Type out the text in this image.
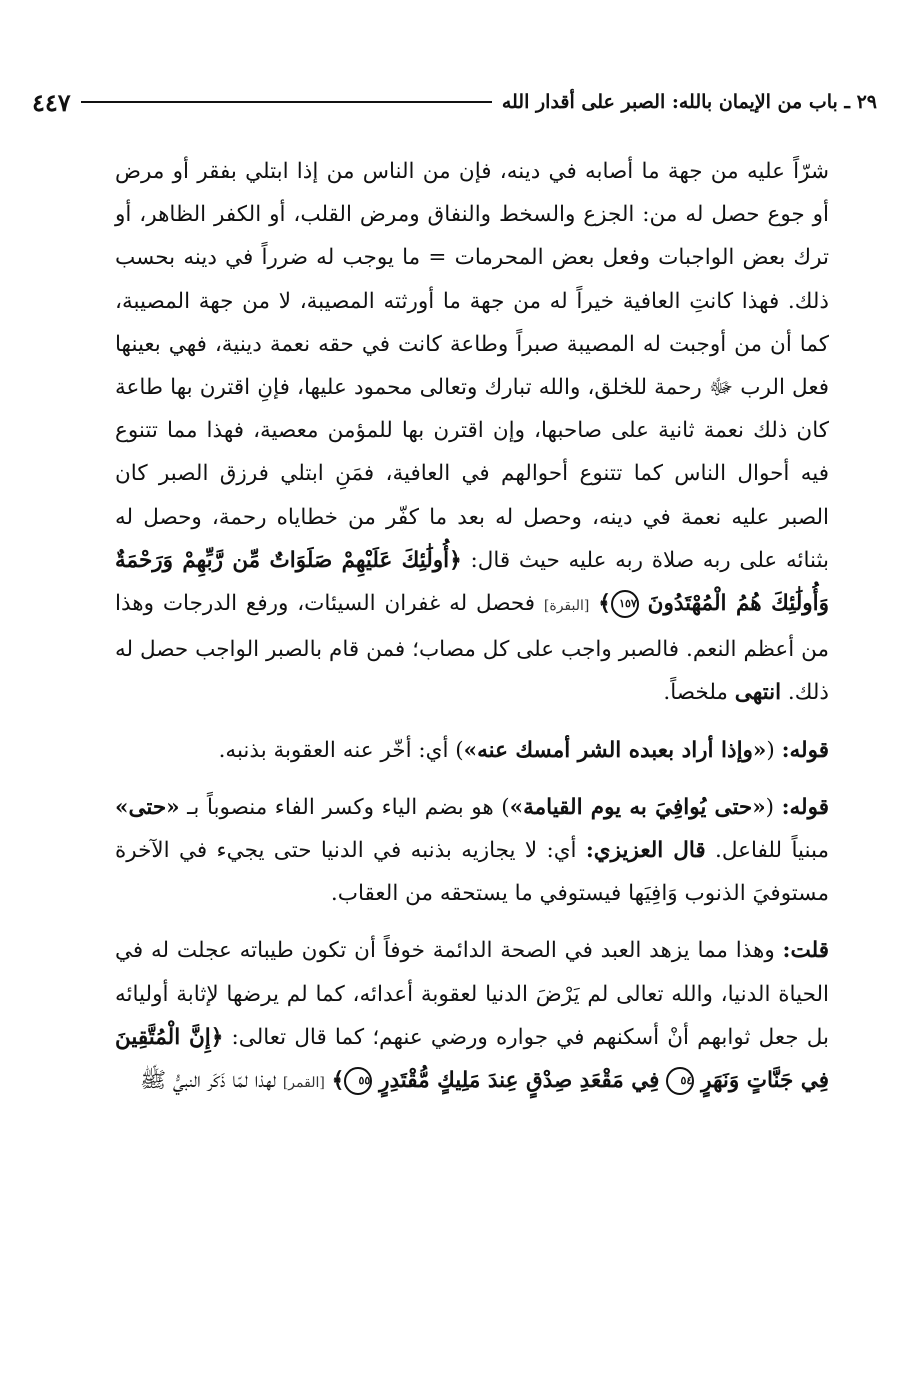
٢٩ ـ باب من الإيمان بالله: الصبر على أقدار الله
٤٤٧

شرّاً عليه من جهة ما أصابه في دينه، فإن من الناس من إذا ابتلي بفقر أو مرض أو جوع حصل له من: الجزع والسخط والنفاق ومرض القلب، أو الكفر الظاهر، أو ترك بعض الواجبات وفعل بعض المحرمات = ما يوجب له ضرراً في دينه بحسب ذلك. فهذا كانتِ العافية خيراً له من جهة ما أورثته المصيبة، لا من جهة المصيبة، كما أن من أوجبت له المصيبة صبراً وطاعة كانت في حقه نعمة دينية، فهي بعينها فعل الرب ﷻ رحمة للخلق، والله تبارك وتعالى محمود عليها، فإنِ اقترن بها طاعة كان ذلك نعمة ثانية على صاحبها، وإن اقترن بها للمؤمن معصية، فهذا مما تتنوع فيه أحوال الناس كما تتنوع أحوالهم في العافية، فمَنِ ابتلي فرزق الصبر كان الصبر عليه نعمة في دينه، وحصل له بعد ما كفّر من خطاياه رحمة، وحصل له بثنائه على ربه صلاة ربه عليه حيث قال: ﴿أُولَٰئِكَ عَلَيْهِمْ صَلَوَاتٌ مِّن رَّبِّهِمْ وَرَحْمَةٌ وَأُولَٰئِكَ هُمُ الْمُهْتَدُونَ ١٥٧﴾ [البقرة] فحصل له غفران السيئات، ورفع الدرجات وهذا من أعظم النعم. فالصبر واجب على كل مصاب؛ فمن قام بالصبر الواجب حصل له ذلك. انتهى ملخصاً.

قوله: («وإذا أراد بعبده الشر أمسك عنه») أي: أخّر عنه العقوبة بذنبه.

قوله: («حتى يُوافِيَ به يوم القيامة») هو بضم الياء وكسر الفاء منصوباً بـ «حتى» مبنياً للفاعل. قال العزيزي: أي: لا يجازيه بذنبه في الدنيا حتى يجيء في الآخرة مستوفيَ الذنوب وَافِيَها فيستوفي ما يستحقه من العقاب.

قلت: وهذا مما يزهد العبد في الصحة الدائمة خوفاً أن تكون طيباته عجلت له في الحياة الدنيا، والله تعالى لم يَرْضَ الدنيا لعقوبة أعدائه، كما لم يرضها لإثابة أوليائه بل جعل ثوابهم أنْ أسكنهم في جواره ورضي عنهم؛ كما قال تعالى: ﴿إِنَّ الْمُتَّقِينَ فِي جَنَّاتٍ وَنَهَرٍ ٥٤ فِي مَقْعَدِ صِدْقٍ عِندَ مَلِيكٍ مُّقْتَدِرٍ ٥٥﴾ [القمر] لهذا لمّا ذَكَر النبيُّ ﷺ
